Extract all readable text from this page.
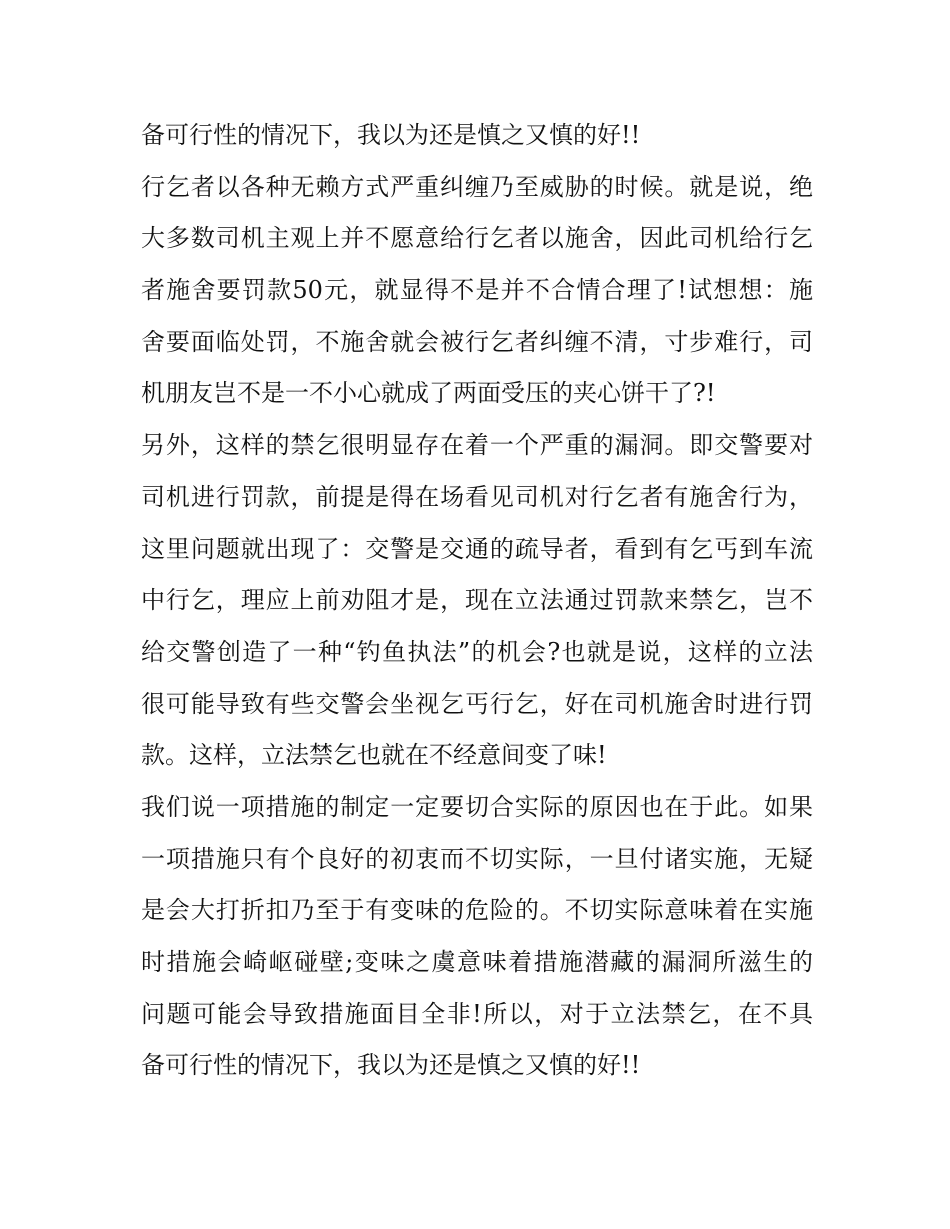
备可行性的情况下，我以为还是慎之又慎的好!!
行乞者以各种无赖方式严重纠缠乃至威胁的时候。就是说，绝
大多数司机主观上并不愿意给行乞者以施舍，因此司机给行乞
者施舍要罚款50元，就显得不是并不合情合理了!试想想：施
舍要面临处罚，不施舍就会被行乞者纠缠不清，寸步难行，司
机朋友岂不是一不小心就成了两面受压的夹心饼干了?!
另外，这样的禁乞很明显存在着一个严重的漏洞。即交警要对
司机进行罚款，前提是得在场看见司机对行乞者有施舍行为，
这里问题就出现了：交警是交通的疏导者，看到有乞丐到车流
中行乞，理应上前劝阻才是，现在立法通过罚款来禁乞，岂不
给交警创造了一种“钓鱼执法”的机会?也就是说，这样的立法
很可能导致有些交警会坐视乞丐行乞，好在司机施舍时进行罚
款。这样，立法禁乞也就在不经意间变了味!
我们说一项措施的制定一定要切合实际的原因也在于此。如果
一项措施只有个良好的初衷而不切实际，一旦付诸实施，无疑
是会大打折扣乃至于有变味的危险的。不切实际意味着在实施
时措施会崎岖碰壁;变味之虞意味着措施潜藏的漏洞所滋生的
问题可能会导致措施面目全非!所以，对于立法禁乞，在不具
备可行性的情况下，我以为还是慎之又慎的好!!
